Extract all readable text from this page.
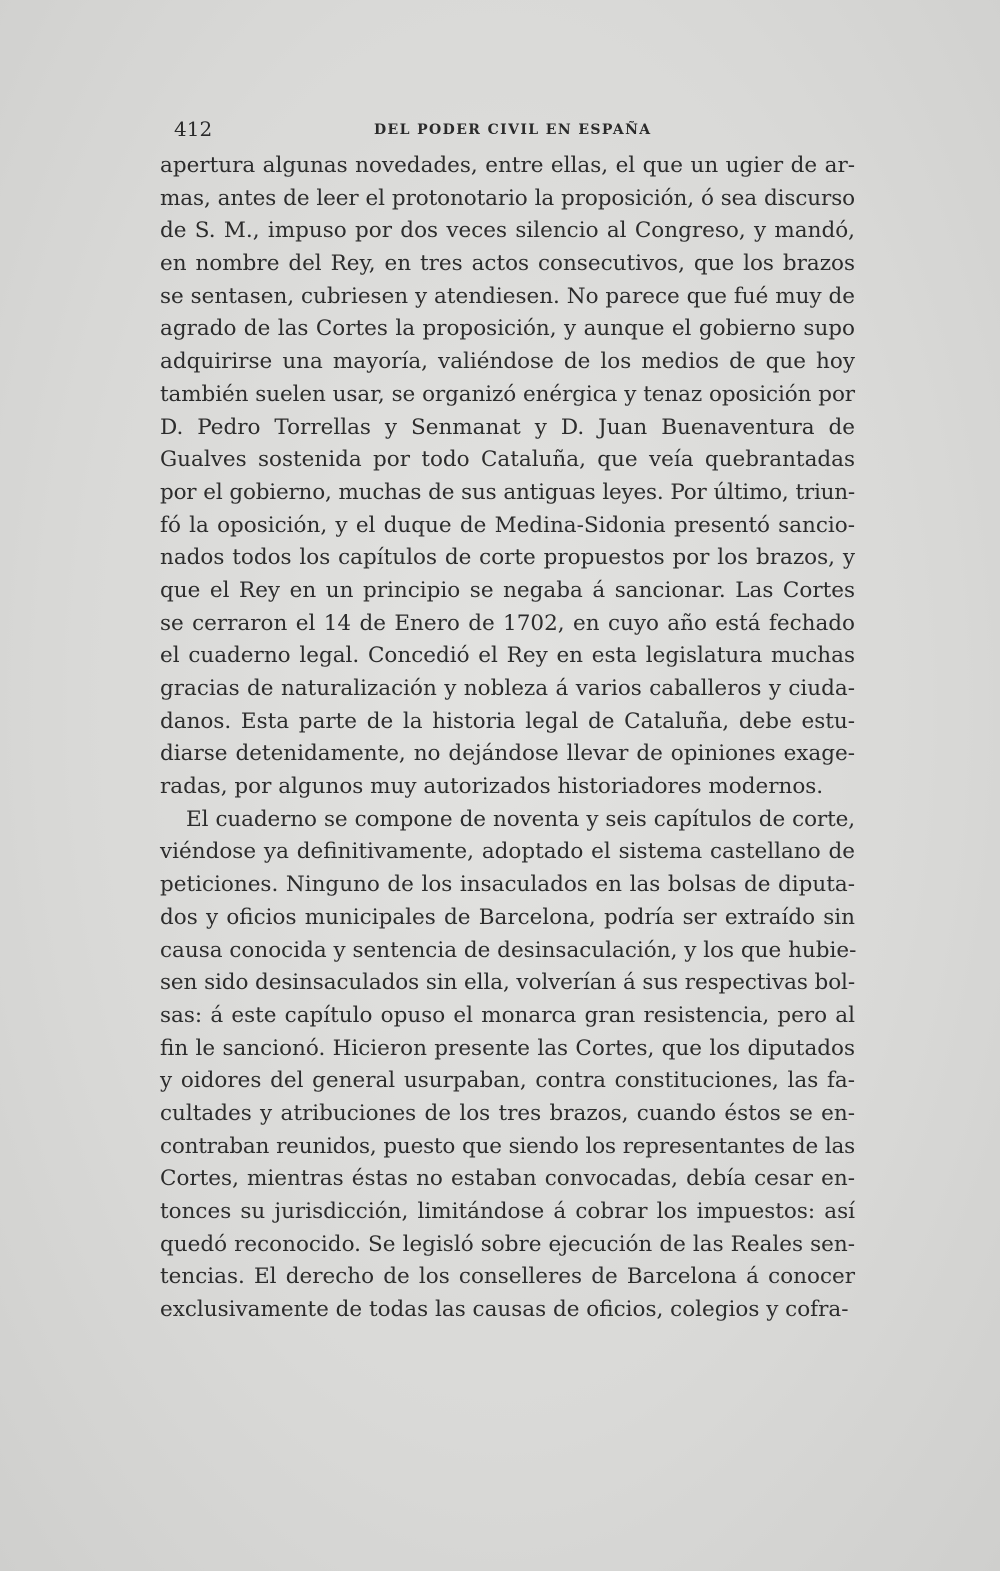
412	DEL PODER CIVIL EN ESPAÑA
apertura algunas novedades, entre ellas, el que un ugier de ar-
mas, antes de leer el protonotario la proposición, ó sea discurso
de S. M., impuso por dos veces silencio al Congreso, y mandó,
en nombre del Rey, en tres actos consecutivos, que los brazos
se sentasen, cubriesen y atendiesen. No parece que fué muy de
agrado de las Cortes la proposición, y aunque el gobierno supo
adquirirse una mayoría, valiéndose de los medios de que hoy
también suelen usar, se organizó enérgica y tenaz oposición por
D. Pedro Torrellas y Senmanat y D. Juan Buenaventura de
Gualves sostenida por todo Cataluña, que veía quebrantadas
por el gobierno, muchas de sus antiguas leyes. Por último, triun-
fó la oposición, y el duque de Medina-Sidonia presentó sancio-
nados todos los capítulos de corte propuestos por los brazos, y
que el Rey en un principio se negaba á sancionar. Las Cortes
se cerraron el 14 de Enero de 1702, en cuyo año está fechado
el cuaderno legal. Concedió el Rey en esta legislatura muchas
gracias de naturalización y nobleza á varios caballeros y ciuda-
danos. Esta parte de la historia legal de Cataluña, debe estu-
diarse detenidamente, no dejándose llevar de opiniones exage-
radas, por algunos muy autorizados historiadores modernos.
El cuaderno se compone de noventa y seis capítulos de corte,
viéndose ya definitivamente, adoptado el sistema castellano de
peticiones. Ninguno de los insaculados en las bolsas de diputa-
dos y oficios municipales de Barcelona, podría ser extraído sin
causa conocida y sentencia de desinsaculación, y los que hubie-
sen sido desinsaculados sin ella, volverían á sus respectivas bol-
sas: á este capítulo opuso el monarca gran resistencia, pero al
fin le sancionó. Hicieron presente las Cortes, que los diputados
y oidores del general usurpaban, contra constituciones, las fa-
cultades y atribuciones de los tres brazos, cuando éstos se en-
contraban reunidos, puesto que siendo los representantes de las
Cortes, mientras éstas no estaban convocadas, debía cesar en-
tonces su jurisdicción, limitándose á cobrar los impuestos: así
quedó reconocido. Se legisló sobre ejecución de las Reales sen-
tencias. El derecho de los conselleres de Barcelona á conocer
exclusivamente de todas las causas de oficios, colegios y cofra-
